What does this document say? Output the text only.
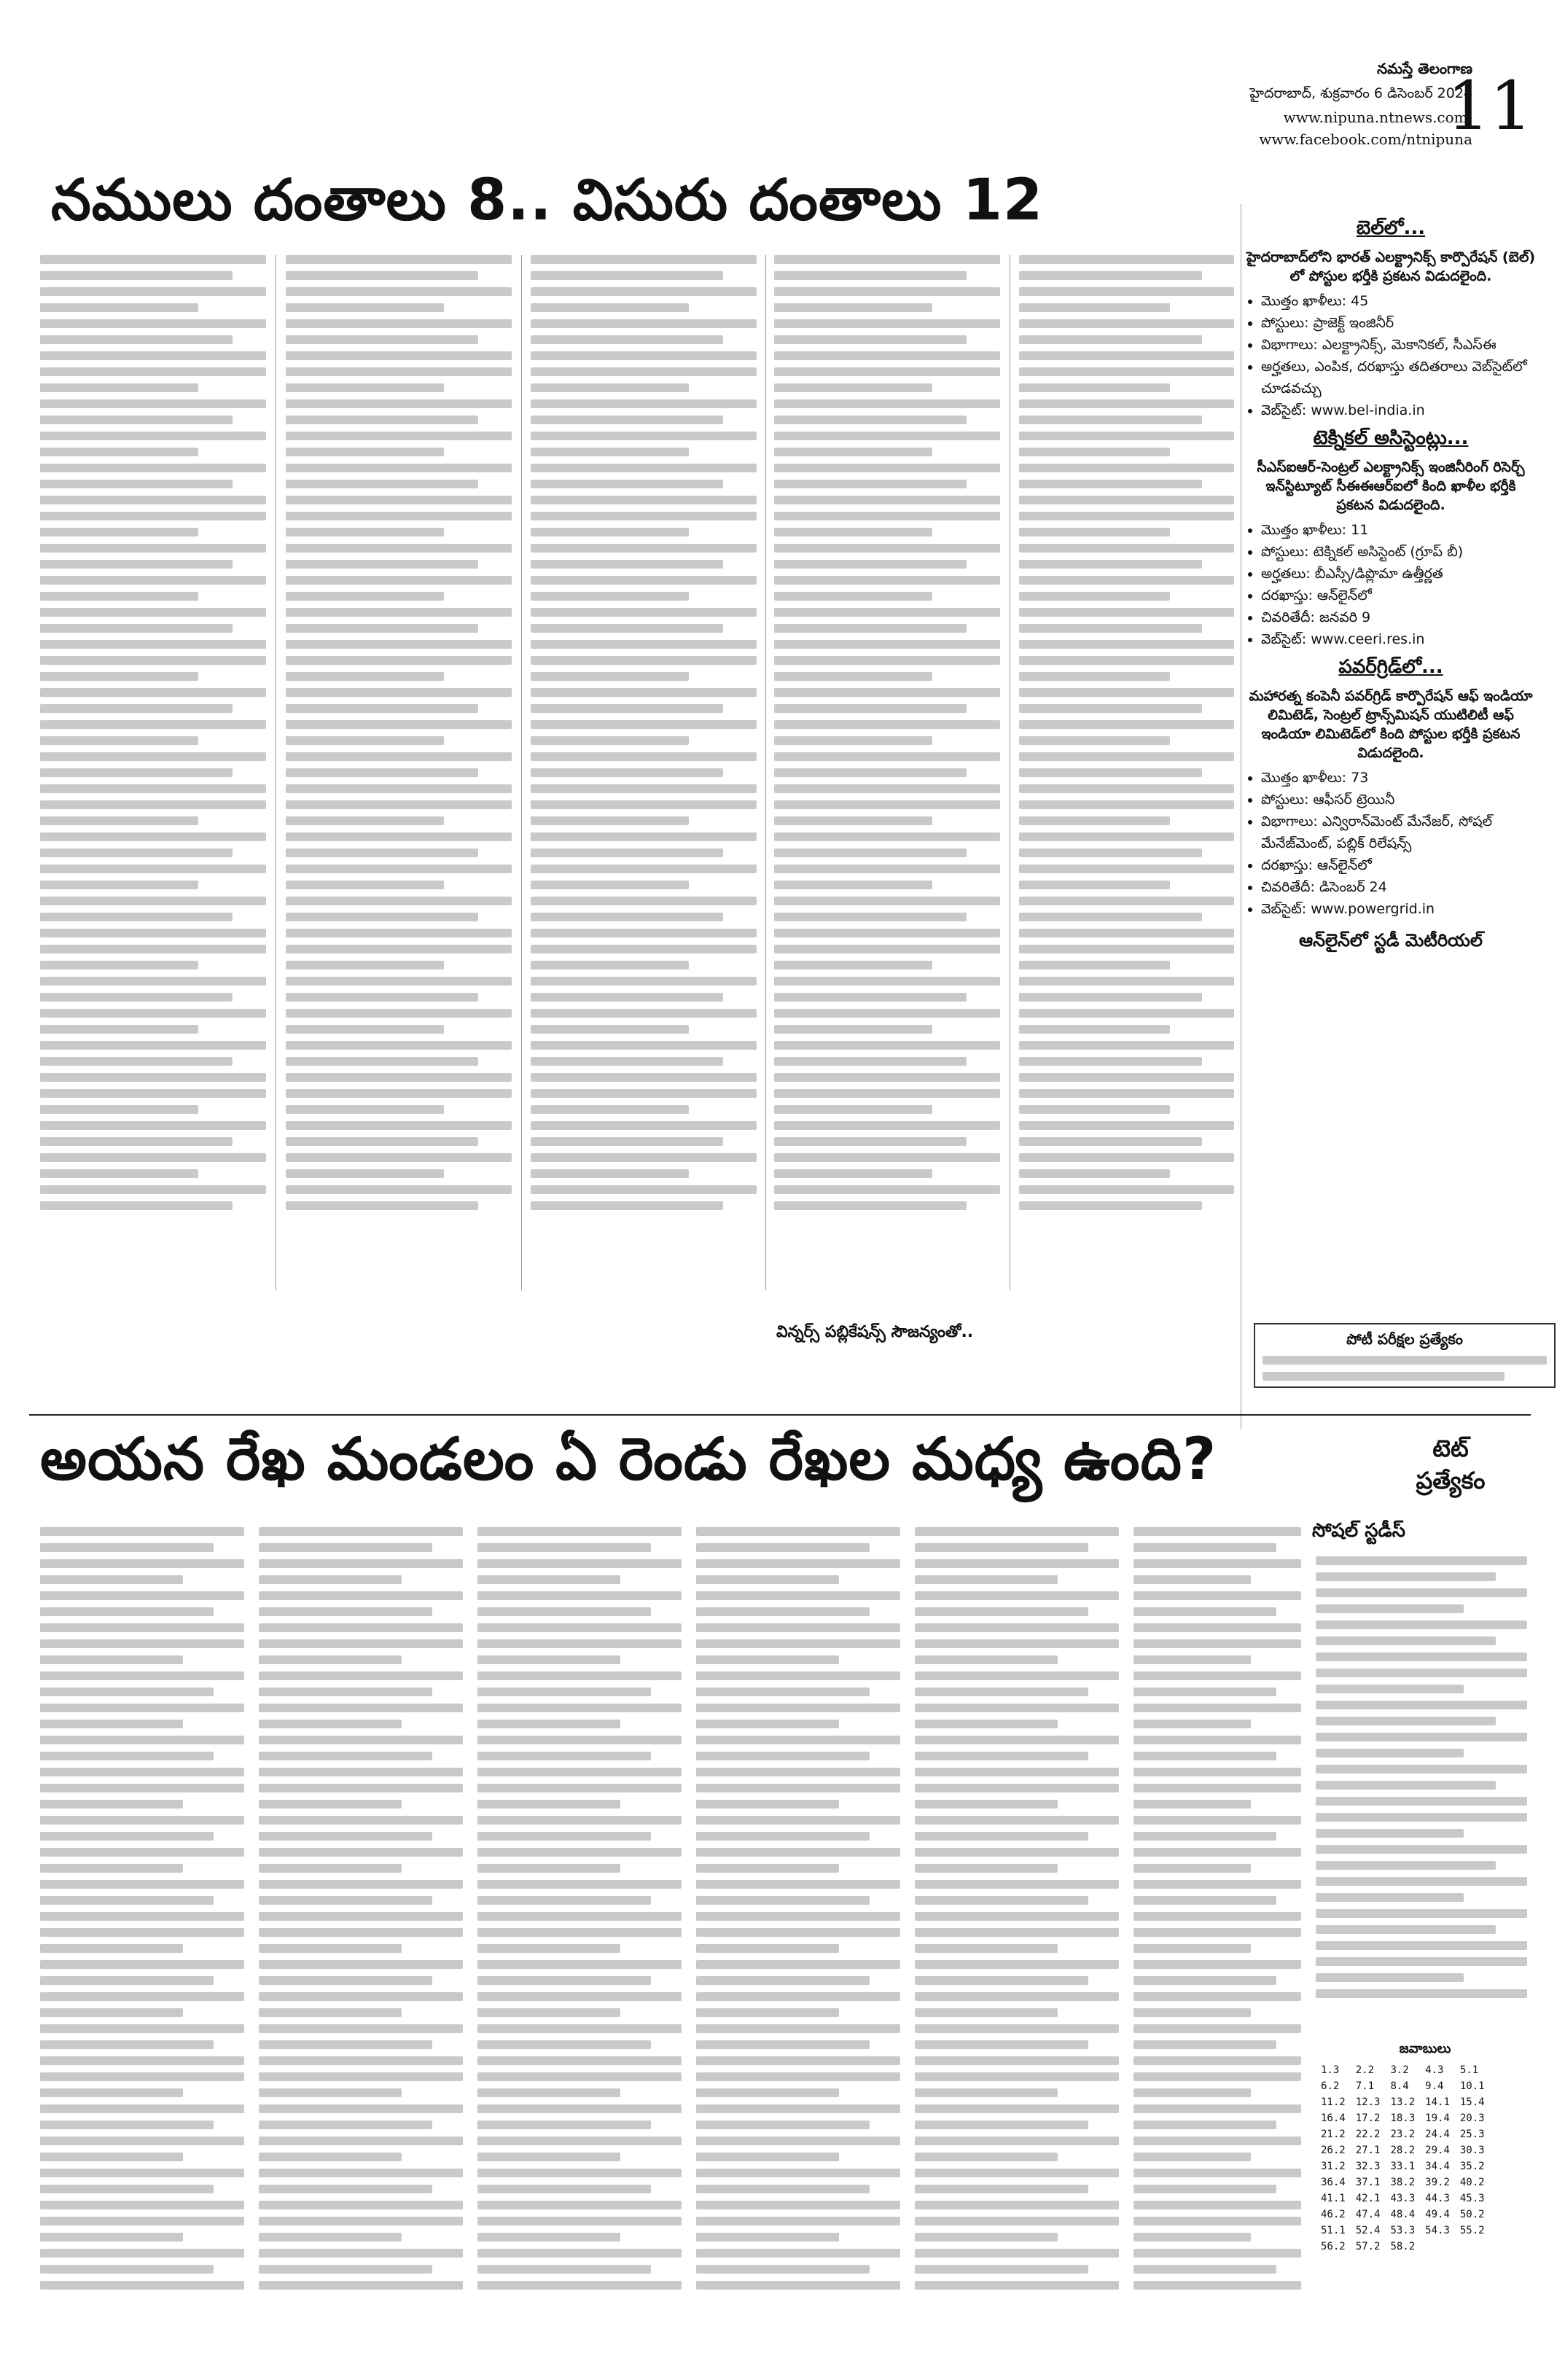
నమస్తే తెలంగాణ
హైదరాబాద్, శుక్రవారం 6 డిసెంబర్ 2024
www.nipuna.ntnews.com,
www.facebook.com/ntnipuna
11
నములు దంతాలు 8.. విసురు దంతాలు 12
విన్నర్స్ పబ్లికేషన్స్ సౌజన్యంతో..
బెల్‌లో...
హైదరాబాద్‌లోని భారత్ ఎలక్ట్రానిక్స్ కార్పొరేషన్ (బెల్) లో పోస్టుల భర్తీకి ప్రకటన విడుదలైంది.
• మొత్తం ఖాళీలు: 45
• పోస్టులు: ప్రాజెక్ట్ ఇంజినీర్
• విభాగాలు: ఎలక్ట్రానిక్స్, మెకానికల్, సీఎస్‌ఈ
• అర్హతలు, ఎంపిక, దరఖాస్తు తదితరాలు వెబ్‌సైట్‌లో చూడవచ్చు
• వెబ్‌సైట్: www.bel-india.in
టెక్నికల్ అసిస్టెంట్లు...
సీఎస్‌ఐఆర్-సెంట్రల్ ఎలక్ట్రానిక్స్ ఇంజినీరింగ్ రిసెర్చ్ ఇన్‌స్టిట్యూట్ సీఈఈఆర్ఐలో కింది ఖాళీల భర్తీకి ప్రకటన విడుదలైంది.
• మొత్తం ఖాళీలు: 11
• పోస్టులు: టెక్నికల్ అసిస్టెంట్ (గ్రూప్ బీ)
• అర్హతలు: బీఎస్సీ/డిప్లొమా ఉత్తీర్ణత
• దరఖాస్తు: ఆన్‌లైన్‌లో
• చివరితేదీ: జనవరి 9
• వెబ్‌సైట్: www.ceeri.res.in
పవర్‌గ్రిడ్‌లో...
మహారత్న కంపెనీ పవర్‌గ్రిడ్ కార్పొరేషన్ ఆఫ్ ఇండియా లిమిటెడ్, సెంట్రల్ ట్రాన్స్‌మిషన్ యుటిలిటీ ఆఫ్ ఇండియా లిమిటెడ్‌లో కింది పోస్టుల భర్తీకి ప్రకటన విడుదలైంది.
• మొత్తం ఖాళీలు: 73
• పోస్టులు: ఆఫీసర్ ట్రెయినీ
• విభాగాలు: ఎన్విరాన్‌మెంట్ మేనేజర్, సోషల్ మేనేజ్‌మెంట్, పబ్లిక్ రిలేషన్స్
• దరఖాస్తు: ఆన్‌లైన్‌లో
• చివరితేదీ: డిసెంబర్ 24
• వెబ్‌సైట్: www.powergrid.in
ఆన్‌లైన్‌లో స్టడీ మెటీరియల్
పోటీ పరీక్షల ప్రత్యేకం
అయన రేఖ మండలం ఏ రెండు రేఖల మధ్య ఉంది?	టెట్
ప్రత్యేకం
సోషల్ స్టడీస్
జవాబులు
1.3	2.2	3.2	4.3	5.1
6.2	7.1	8.4	9.4	10.1
11.2	12.3	13.2	14.1	15.4
16.4	17.2	18.3	19.4	20.3
21.2	22.2	23.2	24.4	25.3
26.2	27.1	28.2	29.4	30.3
31.2	32.3	33.1	34.4	35.2
36.4	37.1	38.2	39.2	40.2
41.1	42.1	43.3	44.3	45.3
46.2	47.4	48.4	49.4	50.2
51.1	52.4	53.3	54.3	55.2
56.2	57.2	58.2		
